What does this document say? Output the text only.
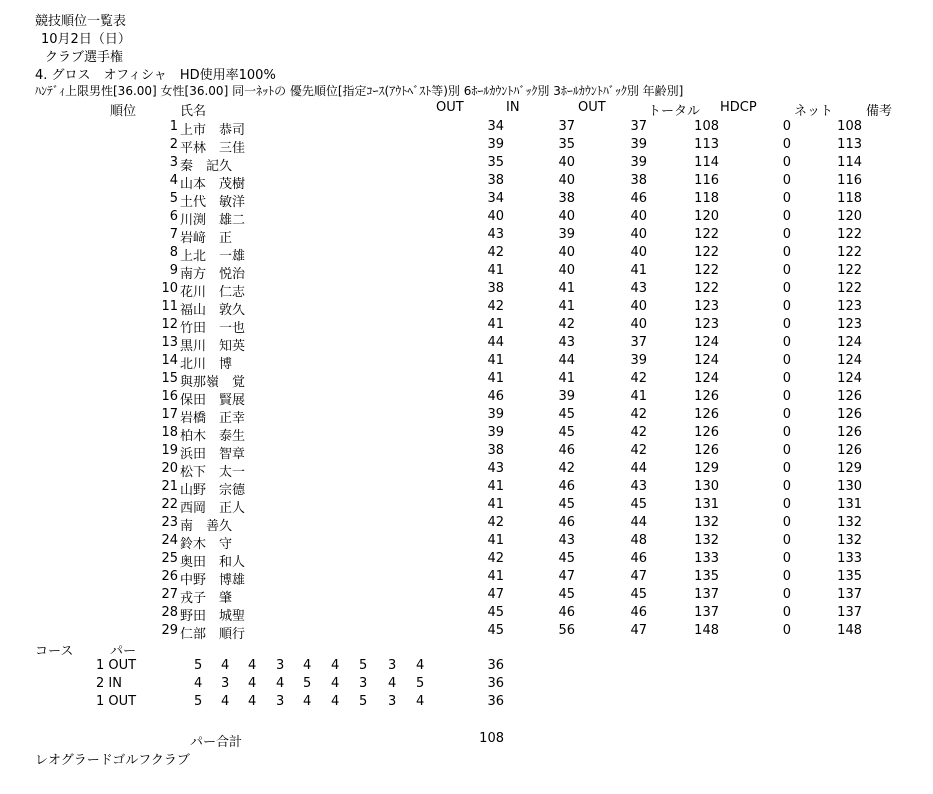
競技順位一覧表
10月2日（日）
クラブ選手権
4. グロス　オフィシャ　HD使用率100%
ﾊﾝﾃﾞｨ上限男性[36.00] 女性[36.00] 同一ﾈｯﾄの 優先順位[指定ｺｰｽ(ｱｳﾄﾍﾞｽﾄ等)別 6ﾎｰﾙｶｳﾝﾄﾊﾞｯｸ別 3ﾎｰﾙｶｳﾝﾄﾊﾞｯｸ別 年齢別]
順位	氏名	OUT	IN	OUT	トータル HDCP	ネット	備考
1 上市　恭司	34	37	37	108	0	108
2 平林　三佳	39	35	39	113	0	113
3 秦　記久	35	40	39	114	0	114
4 山本　茂樹	38	40	38	116	0	116
5 土代　敏洋	34	38	46	118	0	118
6 川渕　雄二	40	40	40	120	0	120
7 岩﨑　正	43	39	40	122	0	122
8 上北　一雄	42	40	40	122	0	122
9 南方　悦治	41	40	41	122	0	122
10 花川　仁志	38	41	43	122	0	122
11 福山　敦久	42	41	40	123	0	123
12 竹田　一也	41	42	40	123	0	123
13 黒川　知英	44	43	37	124	0	124
14 北川　博	41	44	39	124	0	124
15 與那嶺　覚	41	41	42	124	0	124
16 保田　賢展	46	39	41	126	0	126
17 岩橋　正幸	39	45	42	126	0	126
18 柏木　泰生	39	45	42	126	0	126
19 浜田　智章	38	46	42	126	0	126
20 松下　太一	43	42	44	129	0	129
21 山野　宗德	41	46	43	130	0	130
22 西岡　正人	41	45	45	131	0	131
23 南　善久	42	46	44	132	0	132
24 鈴木　守	41	43	48	132	0	132
25 奥田　和人	42	45	46	133	0	133
26 中野　博雄	41	47	47	135	0	135
27 戎子　肇	47	45	45	137	0	137
28 野田　城聖	45	46	46	137	0	137
29 仁部　順行	45	56	47	148	0	148
コース	パー
1 OUT	5 4 4 3 4 4 5 3 4	36
2 IN	4 3 4 4 5 4 3 4 5	36
1 OUT	5 4 4 3 4 4 5 3 4	36
パー合計	108
レオグラードゴルフクラブ
